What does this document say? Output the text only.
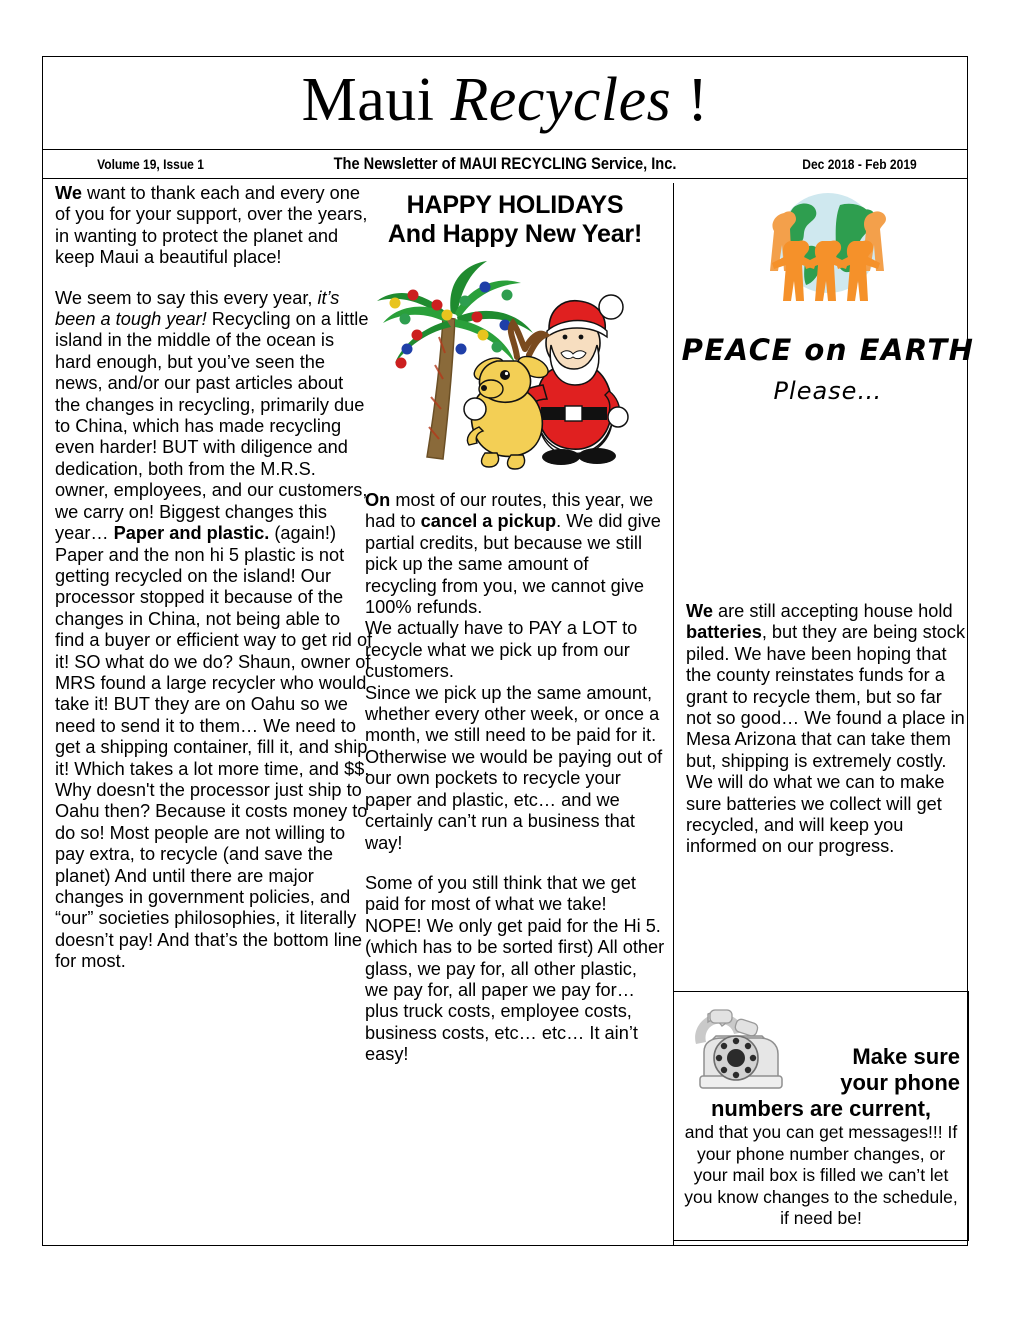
Maui Recycles !
Volume 19, Issue 1	The Newsletter of MAUI RECYCLING Service, Inc.	Dec 2018 - Feb 2019

We want to thank each and every one of you for your support, over the years, in wanting to protect the planet and keep Maui a beautiful place!

We seem to say this every year, it’s been a tough year! Recycling on a little island in the middle of the ocean is hard enough, but you’ve seen the news, and/or our past articles about the changes in recycling, primarily due to China, which has made recycling even harder! BUT with diligence and dedication, both from the M.R.S. owner, employees, and our customers, we carry on! Biggest changes this year… Paper and plastic. (again!) Paper and the non hi 5 plastic is not getting recycled on the island! Our processor stopped it because of the changes in China, not being able to find a buyer or efficient way to get rid of it! SO what do we do? Shaun, owner of MRS found a large recycler who would take it! BUT they are on Oahu so we need to send it to them… We need to get a shipping container, fill it, and ship it! Which takes a lot more time, and $$. Why doesn't the processor just ship to Oahu then? Because it costs money to do so! Most people are not willing to pay extra, to recycle (and save the planet) And until there are major changes in government policies, and “our” societies philosophies, it literally doesn’t pay! And that’s the bottom line for most.

HAPPY HOLIDAYS
And Happy New Year!

On most of our routes, this year, we had to cancel a pickup. We did give partial credits, but because we still pick up the same amount of recycling from you, we cannot give 100% refunds.

We actually have to PAY a LOT to recycle what we pick up from our customers.

Since we pick up the same amount, whether every other week, or once a month, we still need to be paid for it. Otherwise we would be paying out of our own pockets to recycle your paper and plastic, etc… and we certainly can’t run a business that way!

Some of you still think that we get paid for most of what we take! NOPE! We only get paid for the Hi 5. (which has to be sorted first) All other glass, we pay for, all other plastic, we pay for, all paper we pay for… plus truck costs, employee costs, business costs, etc… etc… It ain’t easy!

PEACE on EARTH
Please…

We are still accepting house hold batteries, but they are being stock piled. We have been hoping that the county reinstates funds for a grant to recycle them, but so far not so good… We found a place in Mesa Arizona that can take them but, shipping is extremely costly. We will do what we can to make sure batteries we collect will get recycled, and will keep you informed on our progress.

Make sure
your phone
numbers are current,
and that you can get messages!!! If your phone number changes, or your mail box is filled we can’t let you know changes to the schedule, if need be!
